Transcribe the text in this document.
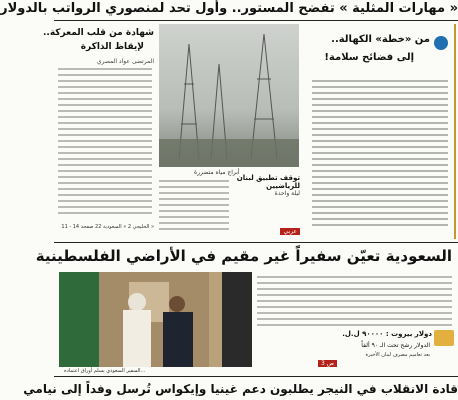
« مهارات المثلية » تفضح المستور.. وأول تحد لمنصوري الرواتب بالدولار
من «خطة» الكهالة..
إلى فضائح سلامة!
أبراج مياه متضررة
شهادة من قلب المعركة..
لإيقاظ الذاكرة
المرتضى عواد المصري
« الخليجي 2 » السعودية 22 صفحة 14 - 11
توقف تطبيق لبنان
للرياضيين
ليلة واحدة
عربي
السعودية تعيّن سفيراً غير مقيم في الأراضي الفلسطينية
...السفير السعودي يسلم أوراق اعتماده
دولار بيروت : ٩٠٠٠٠ ل.ل.
الدولار رشح تحت الـ ٩٠ ألفاً
بعد تعاميم مصرف لبنان الأخيرة
ص 3
قادة الانقلاب في النيجر يطلبون دعم غينيا وإيكواس تُرسل وفداً إلى نيامي
